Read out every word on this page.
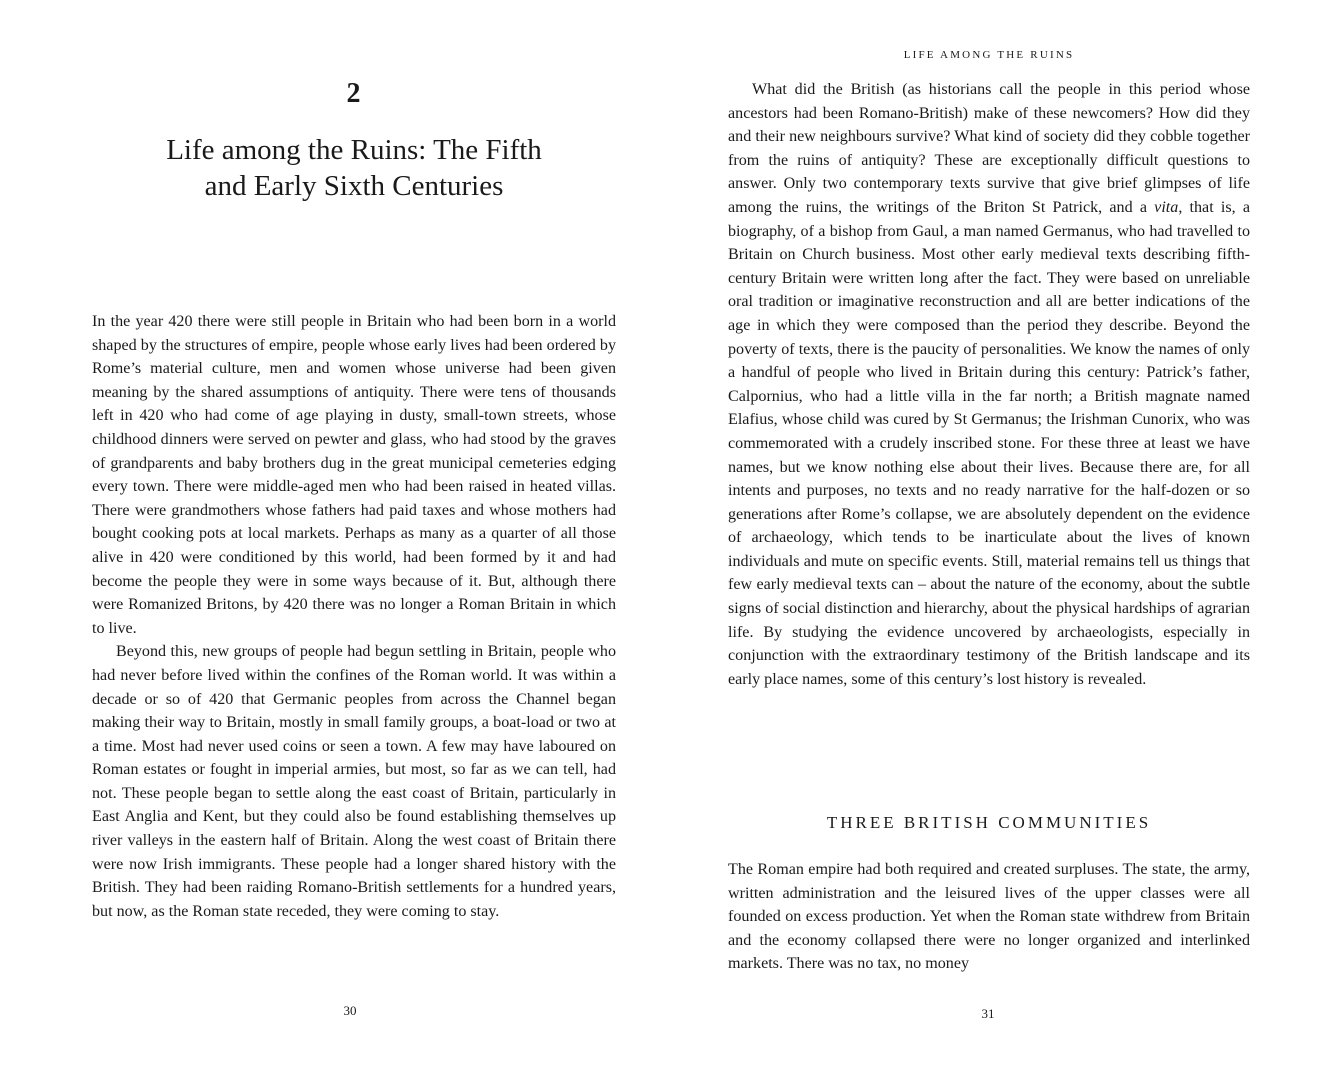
2
Life among the Ruins: The Fifth
and Early Sixth Centuries

In the year 420 there were still people in Britain who had been born in a world shaped by the structures of empire, people whose early lives had been ordered by Rome’s material culture, men and women whose universe had been given meaning by the shared assumptions of antiquity. There were tens of thousands left in 420 who had come of age playing in dusty, small-town streets, whose childhood dinners were served on pewter and glass, who had stood by the graves of grandparents and baby brothers dug in the great municipal cemeteries edging every town. There were middle-aged men who had been raised in heated villas. There were grandmothers whose fathers had paid taxes and whose mothers had bought cooking pots at local markets. Perhaps as many as a quarter of all those alive in 420 were conditioned by this world, had been formed by it and had become the people they were in some ways because of it. But, although there were Romanized Britons, by 420 there was no longer a Roman Britain in which to live.

Beyond this, new groups of people had begun settling in Britain, people who had never before lived within the confines of the Roman world. It was within a decade or so of 420 that Germanic peoples from across the Channel began making their way to Britain, mostly in small family groups, a boat-load or two at a time. Most had never used coins or seen a town. A few may have laboured on Roman estates or fought in imperial armies, but most, so far as we can tell, had not. These people began to settle along the east coast of Britain, particularly in East Anglia and Kent, but they could also be found establishing themselves up river valleys in the eastern half of Britain. Along the west coast of Britain there were now Irish immigrants. These people had a longer shared history with the British. They had been raiding Romano-British settlements for a hundred years, but now, as the Roman state receded, they were coming to stay.

30
LIFE AMONG THE RUINS

What did the British (as historians call the people in this period whose ancestors had been Romano-British) make of these newcomers? How did they and their new neighbours survive? What kind of society did they cobble together from the ruins of antiquity? These are exceptionally difficult questions to answer. Only two contemporary texts survive that give brief glimpses of life among the ruins, the writings of the Briton St Patrick, and a vita, that is, a biography, of a bishop from Gaul, a man named Germanus, who had travelled to Britain on Church business. Most other early medieval texts describing fifth-century Britain were written long after the fact. They were based on unreliable oral tradition or imaginative reconstruction and all are better indications of the age in which they were composed than the period they describe. Beyond the poverty of texts, there is the paucity of personalities. We know the names of only a handful of people who lived in Britain during this century: Patrick’s father, Calpornius, who had a little villa in the far north; a British magnate named Elafius, whose child was cured by St Germanus; the Irishman Cunorix, who was commemorated with a crudely inscribed stone. For these three at least we have names, but we know nothing else about their lives. Because there are, for all intents and purposes, no texts and no ready narrative for the half-dozen or so generations after Rome’s collapse, we are absolutely dependent on the evidence of archaeology, which tends to be inarticulate about the lives of known individuals and mute on specific events. Still, material remains tell us things that few early medieval texts can – about the nature of the economy, about the subtle signs of social distinction and hierarchy, about the physical hardships of agrarian life. By studying the evidence uncovered by archaeologists, especially in conjunction with the extraordinary testimony of the British landscape and its early place names, some of this century’s lost history is revealed.

THREE BRITISH COMMUNITIES

The Roman empire had both required and created surpluses. The state, the army, written administration and the leisured lives of the upper classes were all founded on excess production. Yet when the Roman state withdrew from Britain and the economy collapsed there were no longer organized and interlinked markets. There was no tax, no money

31
